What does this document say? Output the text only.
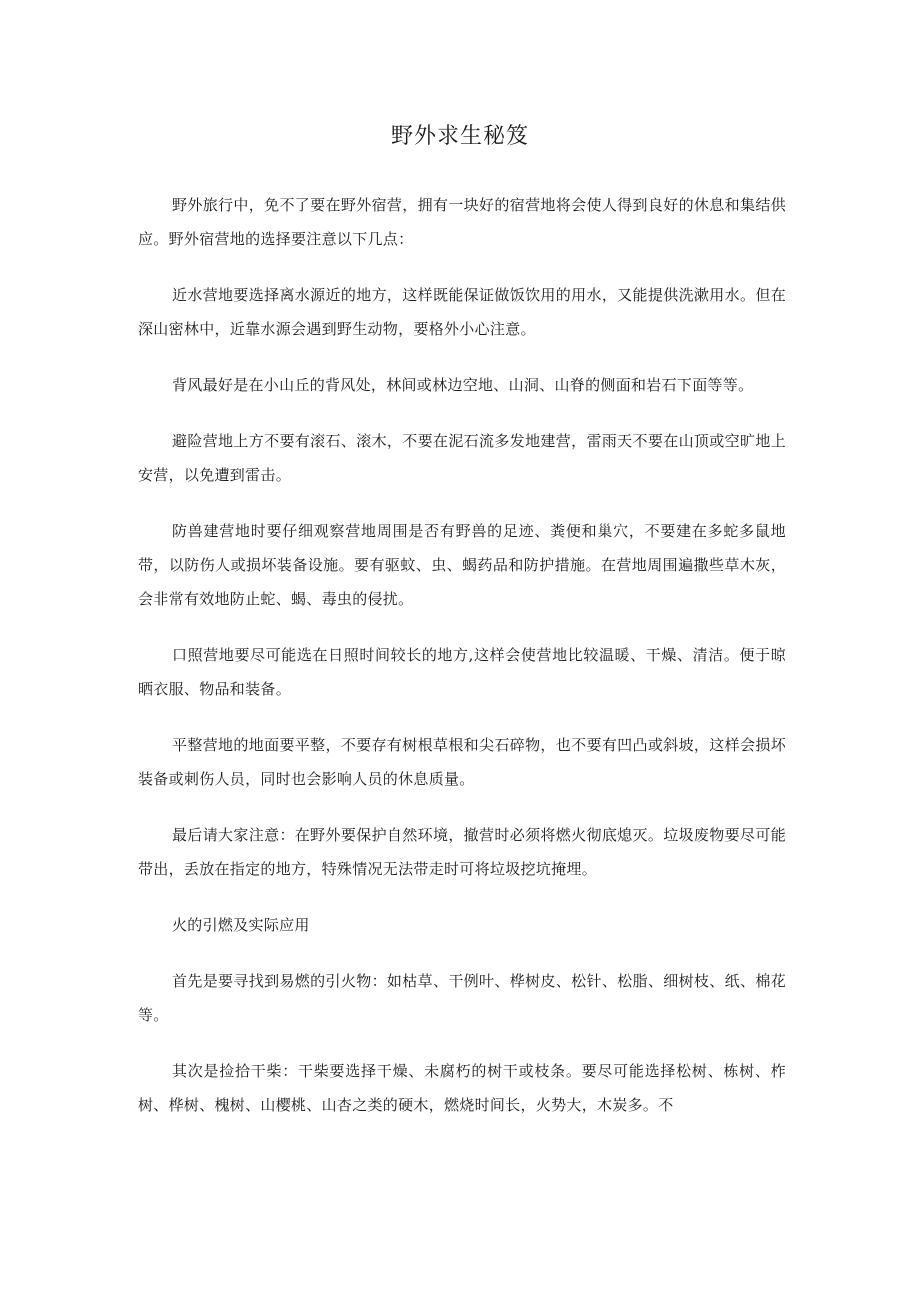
野外求生秘笈

野外旅行中，免不了要在野外宿营，拥有一块好的宿营地将会使人得到良好的休息和集结供应。野外宿营地的选择要注意以下几点：

近水营地要选择离水源近的地方，这样既能保证做饭饮用的用水，又能提供洗漱用水。但在深山密林中，近靠水源会遇到野生动物，要格外小心注意。

背风最好是在小山丘的背风处，林间或林边空地、山洞、山脊的侧面和岩石下面等等。

避险营地上方不要有滚石、滚木，不要在泥石流多发地建营，雷雨天不要在山顶或空旷地上安营，以免遭到雷击。

防兽建营地时要仔细观察营地周围是否有野兽的足迹、粪便和巢穴，不要建在多蛇多鼠地带，以防伤人或损坏装备设施。要有驱蚊、虫、蝎药品和防护措施。在营地周围遍撒些草木灰，会非常有效地防止蛇、蝎、毒虫的侵扰。

口照营地要尽可能选在日照时间较长的地方,这样会使营地比较温暖、干燥、清洁。便于晾晒衣服、物品和装备。

平整营地的地面要平整，不要存有树根草根和尖石碎物，也不要有凹凸或斜坡，这样会损坏装备或刺伤人员，同时也会影响人员的休息质量。

最后请大家注意：在野外要保护自然环境，撤营时必须将燃火彻底熄灭。垃圾废物要尽可能带出，丢放在指定的地方，特殊情况无法带走时可将垃圾挖坑掩埋。

火的引燃及实际应用

首先是要寻找到易燃的引火物：如枯草、干例叶、桦树皮、松针、松脂、细树枝、纸、棉花等。

其次是捡拾干柴：干柴要选择干燥、未腐朽的树干或枝条。要尽可能选择松树、栋树、柞树、桦树、槐树、山樱桃、山杏之类的硬木，燃烧时间长，火势大，木炭多。不
